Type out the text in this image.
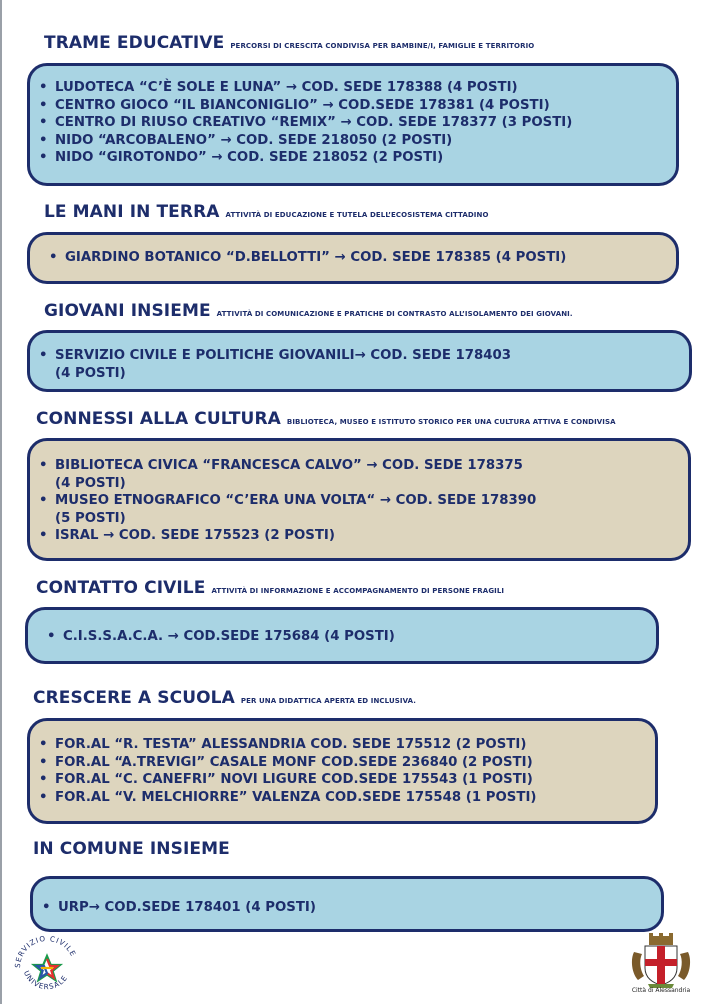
TRAME EDUCATIVE PERCORSI DI CRESCITA CONDIVISA PER BAMBINE/I, FAMIGLIE E TERRITORIO
• LUDOTECA “C’È SOLE E LUNA” → COD. SEDE 178388 (4 POSTI)
• CENTRO GIOCO “IL BIANCONIGLIO” → COD.SEDE 178381 (4 POSTI)
• CENTRO DI RIUSO CREATIVO “REMIX” → COD. SEDE 178377 (3 POSTI)
• NIDO “ARCOBALENO” → COD. SEDE 218050 (2 POSTI)
• NIDO “GIROTONDO” → COD. SEDE 218052 (2 POSTI)
LE MANI IN TERRA ATTIVITÀ DI EDUCAZIONE E TUTELA DELL’ECOSISTEMA CITTADINO
• GIARDINO BOTANICO “D.BELLOTTI” → COD. SEDE 178385 (4 POSTI)
GIOVANI INSIEME ATTIVITÀ DI COMUNICAZIONE E PRATICHE DI CONTRASTO ALL’ISOLAMENTO DEI GIOVANI.
• SERVIZIO CIVILE E POLITICHE GIOVANILI→ COD. SEDE 178403
(4 POSTI)
CONNESSI ALLA CULTURA BIBLIOTECA, MUSEO E ISTITUTO STORICO PER UNA CULTURA ATTIVA E CONDIVISA
• BIBLIOTECA CIVICA “FRANCESCA CALVO” → COD. SEDE 178375
(4 POSTI)
• MUSEO ETNOGRAFICO “C’ERA UNA VOLTA“ → COD. SEDE 178390
(5 POSTI)
• ISRAL → COD. SEDE 175523 (2 POSTI)
CONTATTO CIVILE ATTIVITÀ DI INFORMAZIONE E ACCOMPAGNAMENTO DI PERSONE FRAGILI
• C.I.S.S.A.C.A. → COD.SEDE 175684 (4 POSTI)
CRESCERE A SCUOLA PER UNA DIDATTICA APERTA ED INCLUSIVA.
• FOR.AL “R. TESTA” ALESSANDRIA COD. SEDE 175512 (2 POSTI)
• FOR.AL “A.TREVIGI” CASALE MONF COD.SEDE 236840 (2 POSTI)
• FOR.AL “C. CANEFRI” NOVI LIGURE COD.SEDE 175543 (1 POSTI)
• FOR.AL “V. MELCHIORRE” VALENZA COD.SEDE 175548 (1 POSTI)
IN COMUNE INSIEME
• URP→ COD.SEDE 178401 (4 POSTI)
SERVIZIO CIVILE
UNIVERSALE
Città di Alessandria
